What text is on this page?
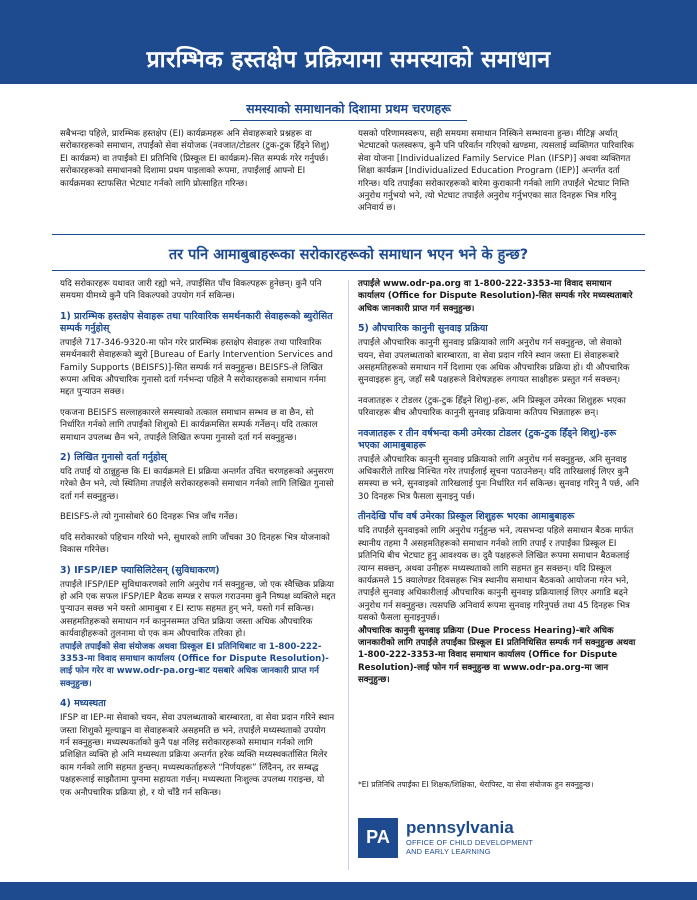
प्रारम्भिक हस्तक्षेप प्रक्रियामा समस्याको समाधान
समस्याको समाधानको दिशामा प्रथम चरणहरू

सबैभन्दा पहिले, प्रारम्भिक हस्तक्षेप (EI) कार्यक्रमहरू अनि सेवाहरूबारे प्रश्नहरू वा सरोकारहरूको समाधान, तपाईंको सेवा संयोजक (नवजात/टोडलर (टुक-टुक हिँड्ने शिशु) EI कार्यक्रम) वा तपाईंको EI प्रतिनिधि (प्रिस्कूल EI कार्यक्रम)-सित सम्पर्क गरेर गर्नुपर्छ। सरोकारहरूको समाधानको दिशामा प्रथम पाइलाको रूपमा, तपाईंलाई आफ्नो EI कार्यक्रमका स्टाफसित भेटघाट गर्नको लागि प्रोत्साहित गरिन्छ।

यसको परिणामस्वरूप, सही समयमा समाधान निस्किने सम्भावना हुन्छ। मीटिङ्ग अर्थात् भेटघाटको फलस्वरूप, कुनै पनि परिवर्तन गरिएको खण्डमा, त्यसलाई व्यक्तिगत पारिवारिक सेवा योजना [Individualized Family Service Plan (IFSP)] अथवा व्यक्तिगत शिक्षा कार्यक्रम [Individualized Education Program (IEP)] अन्तर्गत दर्ता गरिन्छ। यदि तपाईंका सरोकारहरूको बारेमा कुराकानी गर्नको लागि तपाईंले भेटघाट निम्ति अनुरोध गर्नुभयो भने, त्यो भेटघाट तपाईंले अनुरोध गर्नुभएका सात दिनहरू भित्र गरिनु अनिवार्य छ।

तर पनि आमाबुबाहरूका सरोकारहरूको समाधान भएन भने के हुन्छ?

यदि सरोकारहरू यथावत जारी रह्यो भने, तपाईंसित पाँच विकल्पहरू हुनेछन्। कुनै पनि समयमा यीमध्ये कुनै पनि विकल्पको उपयोग गर्न सकिन्छ।

1) प्रारम्भिक हस्तक्षेप सेवाहरू तथा पारिवारिक समर्थनकारी सेवाहरूको ब्युरोसित सम्पर्क गर्नुहोस्

तपाईंले 717-346-9320-मा फोन गरेर प्रारम्भिक हस्तक्षेप सेवाहरू तथा पारिवारिक समर्थनकारी सेवाहरूको ब्युरो [Bureau of Early Intervention Services and Family Supports (BEISFS)]-सित सम्पर्क गर्न सक्नुहुन्छ। BEISFS-ले लिखित रूपमा अधिक औपचारिक गुनासो दर्ता गर्नभन्दा पहिले नै सरोकारहरूको समाधान गर्नमा मद्दत पुऱ्याउन सक्छ।

एकजना BEISFS सल्लाहकारले समस्याको तत्काल समाधान सम्भव छ वा छैन, सो निर्धारित गर्नको लागि तपाईंको शिशुको EI कार्यक्रमसित सम्पर्क गर्नेछन्। यदि तत्काल समाधान उपलब्ध छैन भने, तपाईंले लिखित रूपमा गुनासो दर्ता गर्न सक्नुहुन्छ।

2) लिखित गुनासो दर्ता गर्नुहोस्

यदि तपाईं यो ठान्नुहुन्छ कि EI कार्यक्रमले EI प्रक्रिया अन्तर्गत उचित चरणहरूको अनुसरण गरेको छैन भने, त्यो स्थितिमा तपाईंले सरोकारहरूको समाधान गर्नको लागि लिखित गुनासो दर्ता गर्न सक्नुहुन्छ।

BEISFS-ले त्यो गुनासोबारे 60 दिनहरू भित्र जाँच गर्नेछ।

यदि सरोकारको पहिचान गरियो भने, सुधारको लागि जाँचका 30 दिनहरू भित्र योजनाको विकास गरिनेछ।

3) IFSP/IEP फ्यासिलिटेसन् (सुविधाकरण)

तपाईंले IFSP/IEP सुविधाकरणको लागि अनुरोध गर्न सक्नुहुन्छ, जो एक स्वैच्छिक प्रक्रिया हो अनि एक सफल IFSP/IEP बैठक सम्पन्न र सफल गराउनमा कुनै निष्पक्ष व्यक्तिले मद्दत पुऱ्याउन सक्छ भने यस्तो आमाबुबा र EI स्टाफ सहमत हुन् भने, यस्तो गर्न सकिन्छ। असहमतिहरूको समाधान गर्न कानुनसम्मत उचित प्रक्रिया जस्ता अधिक औपचारिक कार्यवाहीहरूको तुलनामा यो एक कम औपचारिक तरिका हो।

तपाईंले तपाईंको सेवा संयोजक अथवा प्रिस्कूल EI प्रतिनिधिबाट वा 1-800-222-3353-मा विवाद समाधान कार्यालय (Office for Dispute Resolution)-लाई फोन गरेर वा www.odr-pa.org-बाट यसबारे अधिक जानकारी प्राप्त गर्न सक्नुहुन्छ।

4) मध्यस्थता

IFSP वा IEP-मा सेवाको चयन, सेवा उपलब्धताको बारम्बारता, वा सेवा प्रदान गरिने स्थान जस्ता शिशुको मूल्याङ्कन वा सेवाहरूबारे असहमति छ भने, तपाईंले मध्यस्थताको उपयोग गर्न सक्नुहुन्छ। मध्यस्थकर्ताको कुनै पक्ष नलिइ सरोकारहरूको समाधान गर्नको लागि प्रशिक्षित व्यक्ति हो अनि मध्यस्थता प्रक्रिया अन्तर्गत हरेक व्यक्ति मध्यस्थकर्तासित मिलेर काम गर्नको लागि सहमत हुन्छन्। मध्यस्थकर्ताहरूले “निर्णयहरू” लिँदैनन्, तर सम्बद्ध पक्षहरूलाई साझौतामा पुग्नमा सहायता गर्छन्। मध्यस्थता निःशुल्क उपलब्ध गराइन्छ, यो एक अनौपचारिक प्रक्रिया हो, र यो चाँडै गर्न सकिन्छ।

तपाईंले www.odr-pa.org वा 1-800-222-3353-मा विवाद समाधान कार्यालय (Office for Dispute Resolution)-सित सम्पर्क गरेर मध्यस्थताबारे अधिक जानकारी प्राप्त गर्न सक्नुहुन्छ।

5) औपचारिक कानुनी सुनवाइ प्रक्रिया

तपाईंले औपचारिक कानुनी सुनवाइ प्रक्रियाको लागि अनुरोध गर्न सक्नुहुन्छ, जो सेवाको चयन, सेवा उपलब्धताको बारम्बारता, वा सेवा प्रदान गरिने स्थान जस्ता EI सेवाहरूबारे असहमतिहरूको समाधान गर्ने दिशामा एक अधिक औपचारिक प्रक्रिया हो। यी औपचारिक सुनवाइहरू हुन्, जहाँ सबै पक्षहरूले विशेषज्ञहरू लगायत साक्षीहरू प्रस्तुत गर्न सक्छन्।

नवजातहरू र टोडलर (टुक-टुक हिँड्ने शिशु)-हरू, अनि प्रिस्कूल उमेरका शिशुहरू भएका परिवारहरू बीच औपचारिक कानुनी सुनवाइ प्रक्रियामा कतिपय भिन्नताहरू छन्।

नवजातहरू र तीन वर्षभन्दा कमी उमेरका टोडलर (टुक-टुक हिँड्ने शिशु)-हरू भएका आमाबुबाहरू

तपाईंले औपचारिक कानुनी सुनवाइ प्रक्रियाको लागि अनुरोध गर्न सक्नुहुन्छ, अनि सुनवाइ अधिकारीले तारिख निश्चित गरेर तपाईंलाई सूचना पठाउनेछन्। यदि तारिखलाई लिएर कुनै समस्या छ भने, सुनवाइको तारिखलाई पुनः निर्धारित गर्न सकिन्छ। सुनवाइ गरिनु नै पर्छ, अनि 30 दिनहरू भित्र फैसला सुनाइनु पर्छ।

तीनदेखि पाँच वर्ष उमेरका प्रिस्कूल शिशुहरू भएका आमाबुबाहरू

यदि तपाईंले सुनवाइको लागि अनुरोध गर्नुहुन्छ भने, त्यसभन्दा पहिले समाधान बैठक मार्फत स्थानीय तहमा नै असहमतिहरूको समाधान गर्नको लागि तपाईं र तपाईंका प्रिस्कूल EI प्रतिनिधि बीच भेटघाट हुनु आवश्यक छ। दुवै पक्षहरूले लिखित रूपमा समाधान बैठकलाई त्याग्न सक्छन्, अथवा उनीहरू मध्यस्थताको लागि सहमत हुन सक्छन्। यदि प्रिस्कूल कार्यक्रमले 15 क्यालेण्डर दिवसहरू भित्र स्थानीय समाधान बैठकको आयोजना गरेन भने, तपाईंले सुनवाइ अधिकारीलाई औपचारिक कानुनी सुनवाइ प्रक्रियालाई लिएर अगाडि बढ्ने अनुरोध गर्न सक्नुहुन्छ। त्यसपछि अनिवार्य रूपमा सुनवाइ गरिनुपर्छ तथा 45 दिनहरू भित्र यसको फैसला सुनाइनुपर्छ।

औपचारिक कानुनी सुनवाइ प्रक्रिया (Due Process Hearing)-बारे अधिक जानकारीको लागि तपाईंले तपाईंका प्रिस्कूल EI प्रतिनिधिसित सम्पर्क गर्न सक्नुहुन्छ अथवा 1-800-222-3353-मा विवाद समाधान कार्यालय (Office for Dispute Resolution)-लाई फोन गर्न सक्नुहुन्छ वा www.odr-pa.org-मा जान सक्नुहुन्छ।

*EI प्रतिनिधि तपाईंका EI शिक्षक/शिक्षिका, थेरापिस्ट, वा सेवा संयोजक हुन सक्नुहुन्छ।
PA pennsylvania
OFFICE OF CHILD DEVELOPMENT
AND EARLY LEARNING
